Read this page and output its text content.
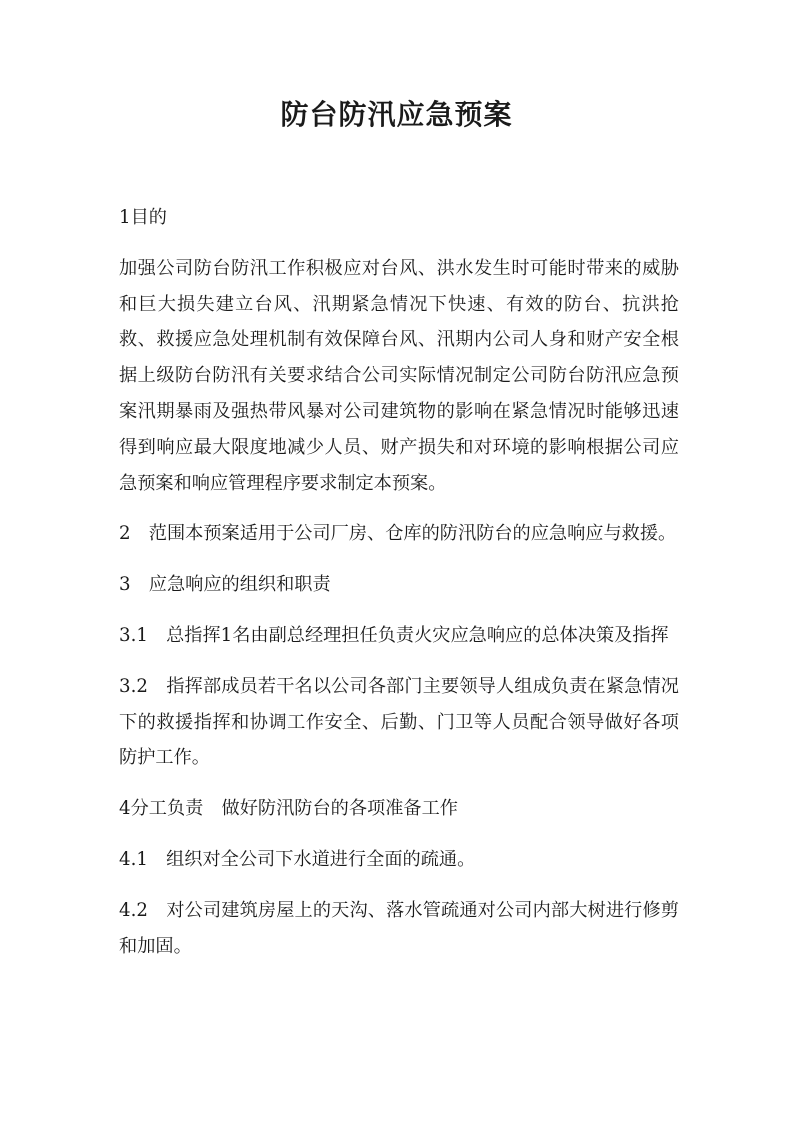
防台防汛应急预案

1目的

加强公司防台防汛工作积极应对台风、洪水发生时可能时带来的威胁和巨大损失建立台风、汛期紧急情况下快速、有效的防台、抗洪抢救、救援应急处理机制有效保障台风、汛期内公司人身和财产安全根据上级防台防汛有关要求结合公司实际情况制定公司防台防汛应急预案汛期暴雨及强热带风暴对公司建筑物的影响在紧急情况时能够迅速得到响应最大限度地减少人员、财产损失和对环境的影响根据公司应急预案和响应管理程序要求制定本预案。

2　范围本预案适用于公司厂房、仓库的防汛防台的应急响应与救援。

3　应急响应的组织和职责

3.1　总指挥1名由副总经理担任负责火灾应急响应的总体决策及指挥

3.2　指挥部成员若干名以公司各部门主要领导人组成负责在紧急情况下的救援指挥和协调工作安全、后勤、门卫等人员配合领导做好各项防护工作。

4分工负责　做好防汛防台的各项准备工作

4.1　组织对全公司下水道进行全面的疏通。

4.2　对公司建筑房屋上的天沟、落水管疏通对公司内部大树进行修剪和加固。
